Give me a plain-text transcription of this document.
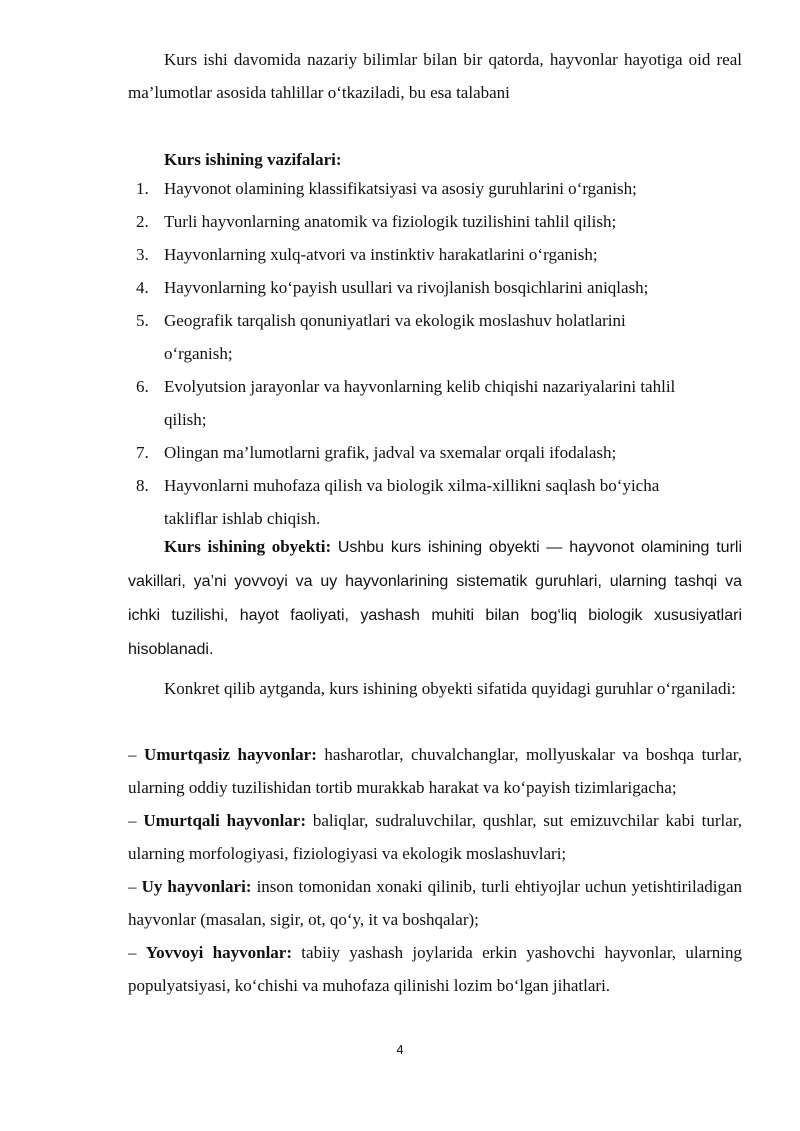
Kurs ishi davomida nazariy bilimlar bilan bir qatorda, hayvonlar hayotiga oid real ma’lumotlar asosida tahlillar o‘tkaziladi, bu esa talabani

Kurs ishining vazifalari:

1. Hayvonot olamining klassifikatsiyasi va asosiy guruhlarini o‘rganish;
2. Turli hayvonlarning anatomik va fiziologik tuzilishini tahlil qilish;
3. Hayvonlarning xulq-atvori va instinktiv harakatlarini o‘rganish;
4. Hayvonlarning ko‘payish usullari va rivojlanish bosqichlarini aniqlash;
5. Geografik tarqalish qonuniyatlari va ekologik moslashuv holatlarini o‘rganish;
6. Evolyutsion jarayonlar va hayvonlarning kelib chiqishi nazariyalarini tahlil qilish;
7. Olingan ma’lumotlarni grafik, jadval va sxemalar orqali ifodalash;
8. Hayvonlarni muhofaza qilish va biologik xilma-xillikni saqlash bo‘yicha takliflar ishlab chiqish.

Kurs ishining obyekti: Ushbu kurs ishining obyekti — hayvonot olamining turli vakillari, ya’ni yovvoyi va uy hayvonlarining sistematik guruhlari, ularning tashqi va ichki tuzilishi, hayot faoliyati, yashash muhiti bilan bog‘liq biologik xususiyatlari hisoblanadi.

Konkret qilib aytganda, kurs ishining obyekti sifatida quyidagi guruhlar o‘rganiladi:

– Umurtqasiz hayvonlar: hasharotlar, chuvalchanglar, mollyuskalar va boshqa turlar, ularning oddiy tuzilishidan tortib murakkab harakat va ko‘payish tizimlarigacha;
– Umurtqali hayvonlar: baliqlar, sudraluvchilar, qushlar, sut emizuvchilar kabi turlar, ularning morfologiyasi, fiziologiyasi va ekologik moslashuvlari;
– Uy hayvonlari: inson tomonidan xonaki qilinib, turli ehtiyojlar uchun yetishtiriladigan hayvonlar (masalan, sigir, ot, qo‘y, it va boshqalar);
– Yovvoyi hayvonlar: tabiiy yashash joylarida erkin yashovchi hayvonlar, ularning populyatsiyasi, ko‘chishi va muhofaza qilinishi lozim bo‘lgan jihatlari.
4
